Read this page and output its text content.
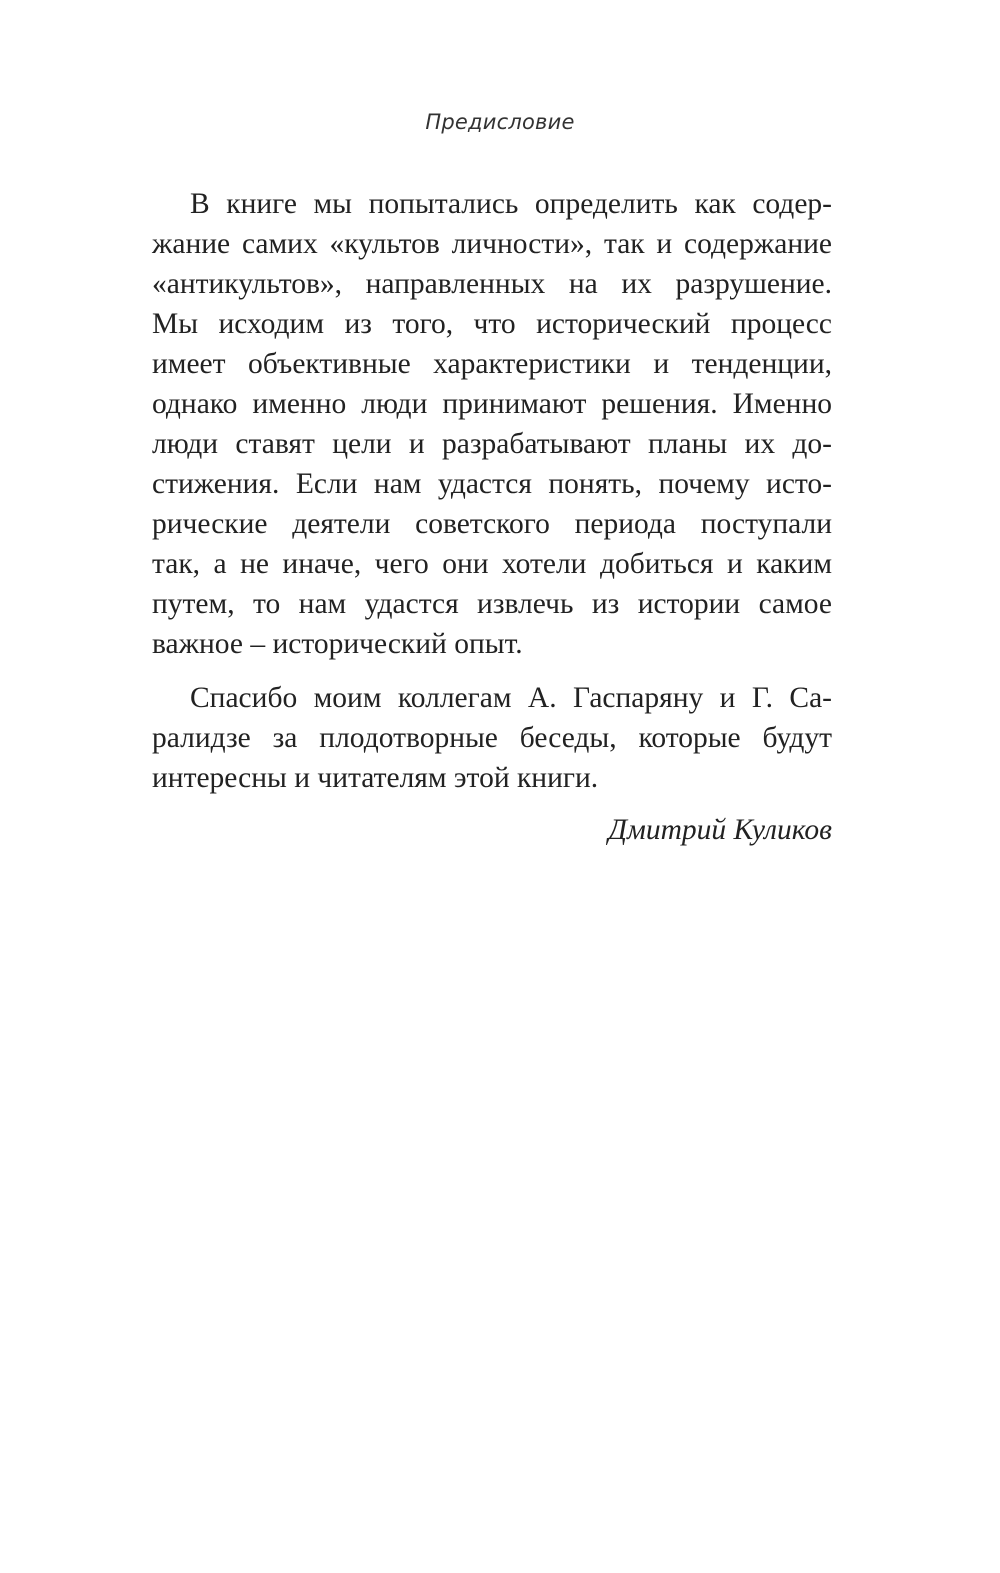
Предисловие
В книге мы попытались определить как содер-
жание самих «культов личности», так и содержание
«антикультов», направленных на их разрушение.
Мы исходим из того, что исторический процесс
имеет объективные характеристики и тенденции,
однако именно люди принимают решения. Именно
люди ставят цели и разрабатывают планы их до-
стижения. Если нам удастся понять, почему исто-
рические деятели советского периода поступали
так, а не иначе, чего они хотели добиться и каким
путем, то нам удастся извлечь из истории самое
важное – исторический опыт.
Спасибо моим коллегам А. Гаспаряну и Г. Са-
ралидзе за плодотворные беседы, которые будут
интересны и читателям этой книги.
Дмитрий Куликов
